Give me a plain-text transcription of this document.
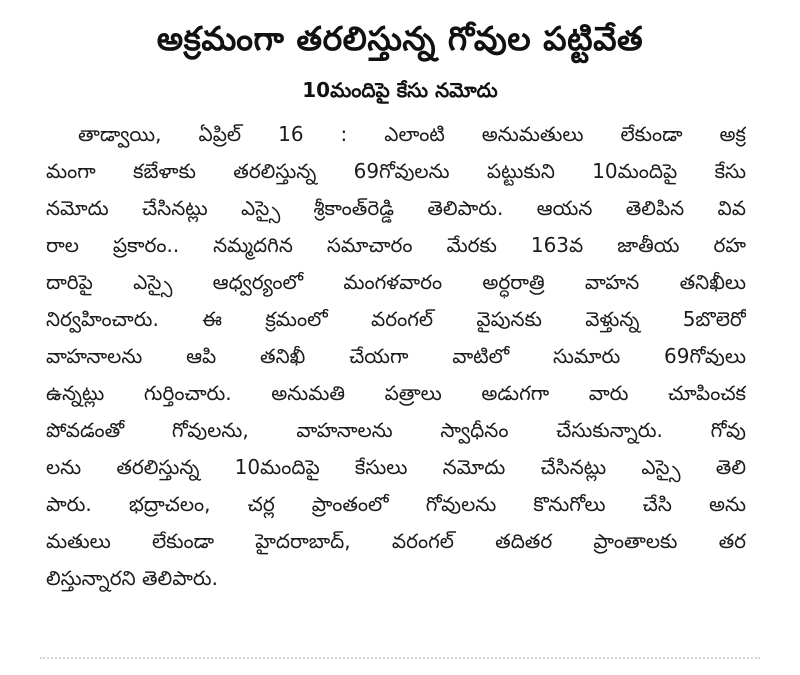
అక్రమంగా తరలిస్తున్న గోవుల పట్టివేత
10మందిపై కేసు నమోదు
తాడ్వాయి, ఏప్రిల్ 16 : ఎలాంటి అనుమతులు లేకుండా అక్ర
మంగా కబేళాకు తరలిస్తున్న 69గోవులను పట్టుకుని 10మందిపై కేసు
నమోదు చేసినట్లు ఎస్సై శ్రీకాంత్‌రెడ్డి తెలిపారు. ఆయన తెలిపిన వివ
రాల ప్రకారం.. నమ్మదగిన సమాచారం మేరకు 163వ జాతీయ రహ
దారిపై ఎస్సై ఆధ్వర్యంలో మంగళవారం అర్ధరాత్రి వాహన తనిఖీలు
నిర్వహించారు. ఈ క్రమంలో వరంగల్ వైపునకు వెళ్తున్న 5బొలెరో
వాహనాలను ఆపి తనిఖీ చేయగా వాటిలో సుమారు 69గోవులు
ఉన్నట్లు గుర్తించారు. అనుమతి పత్రాలు అడుగగా వారు చూపించక
పోవడంతో గోవులను, వాహనాలను స్వాధీనం చేసుకున్నారు. గోవు
లను తరలిస్తున్న 10మందిపై కేసులు నమోదు చేసినట్లు ఎస్సై తెలి
పారు. భద్రాచలం, చర్ల ప్రాంతంలో గోవులను కొనుగోలు చేసి అను
మతులు లేకుండా హైదరాబాద్, వరంగల్ తదితర ప్రాంతాలకు తర
లిస్తున్నారని తెలిపారు.
